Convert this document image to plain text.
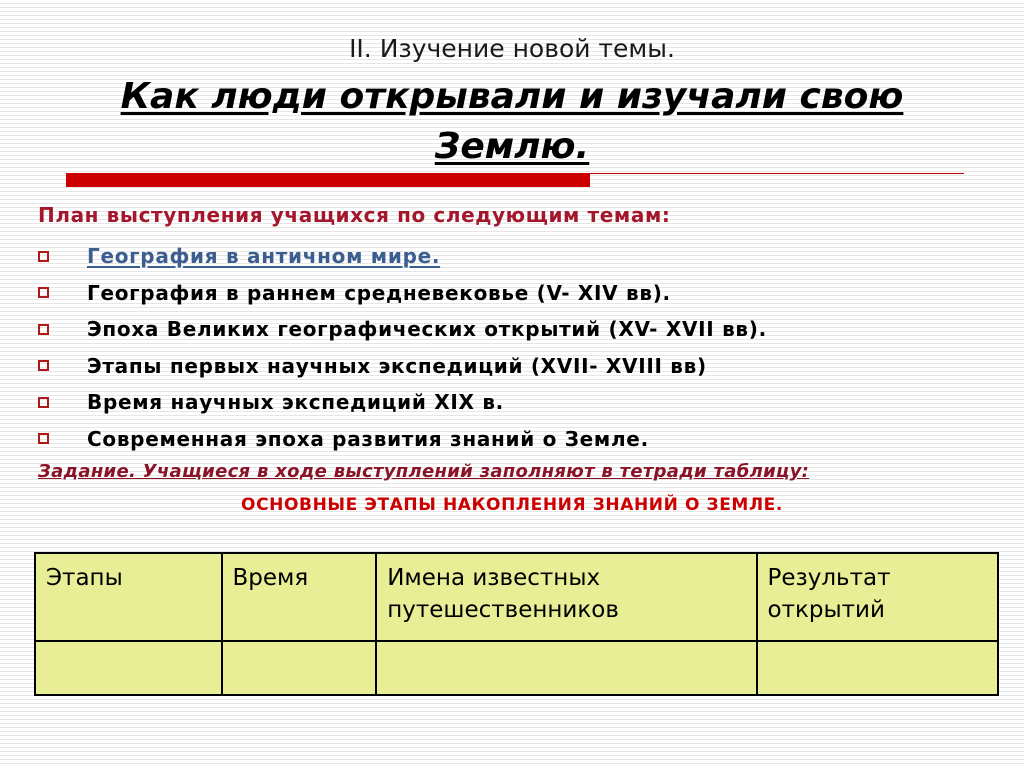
II. Изучение новой темы.
Как люди открывали и изучали свою
Землю.
План выступления учащихся по следующим темам:
География в античном мире.
География в раннем средневековье (V- XIV вв).
Эпоха Великих географических открытий (XV- XVII вв).
Этапы первых научных экспедиций (XVII- XVIII вв)
Время научных экспедиций XIX в.
Современная эпоха развития знаний о Земле.
Задание. Учащиеся в ходе выступлений заполняют в тетради таблицу:
ОСНОВНЫЕ ЭТАПЫ НАКОПЛЕНИЯ ЗНАНИЙ О ЗЕМЛЕ.
Этапы	Время	Имена известных путешественников	Результат открытий
